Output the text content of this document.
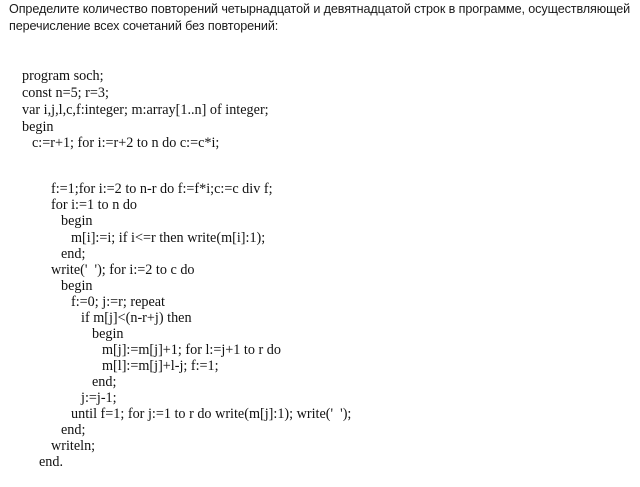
Определите количество повторений четырнадцатой и девятнадцатой строк в программе, осуществляющей
перечисление всех сочетаний без повторений:
program soch;
const n=5; r=3;
var i,j,l,c,f:integer; m:array[1..n] of integer;
begin
c:=r+1; for i:=r+2 to n do c:=c*i;
f:=1;for i:=2 to n-r do f:=f*i;c:=c div f;
for i:=1 to n do
begin
m[i]:=i; if i<=r then write(m[i]:1);
end;
write('  '); for i:=2 to c do
begin
f:=0; j:=r; repeat
if m[j]<(n-r+j) then
begin
m[j]:=m[j]+1; for l:=j+1 to r do
m[l]:=m[j]+l-j; f:=1;
end;
j:=j-1;
until f=1; for j:=1 to r do write(m[j]:1); write('  ');
end;
writeln;
end.
